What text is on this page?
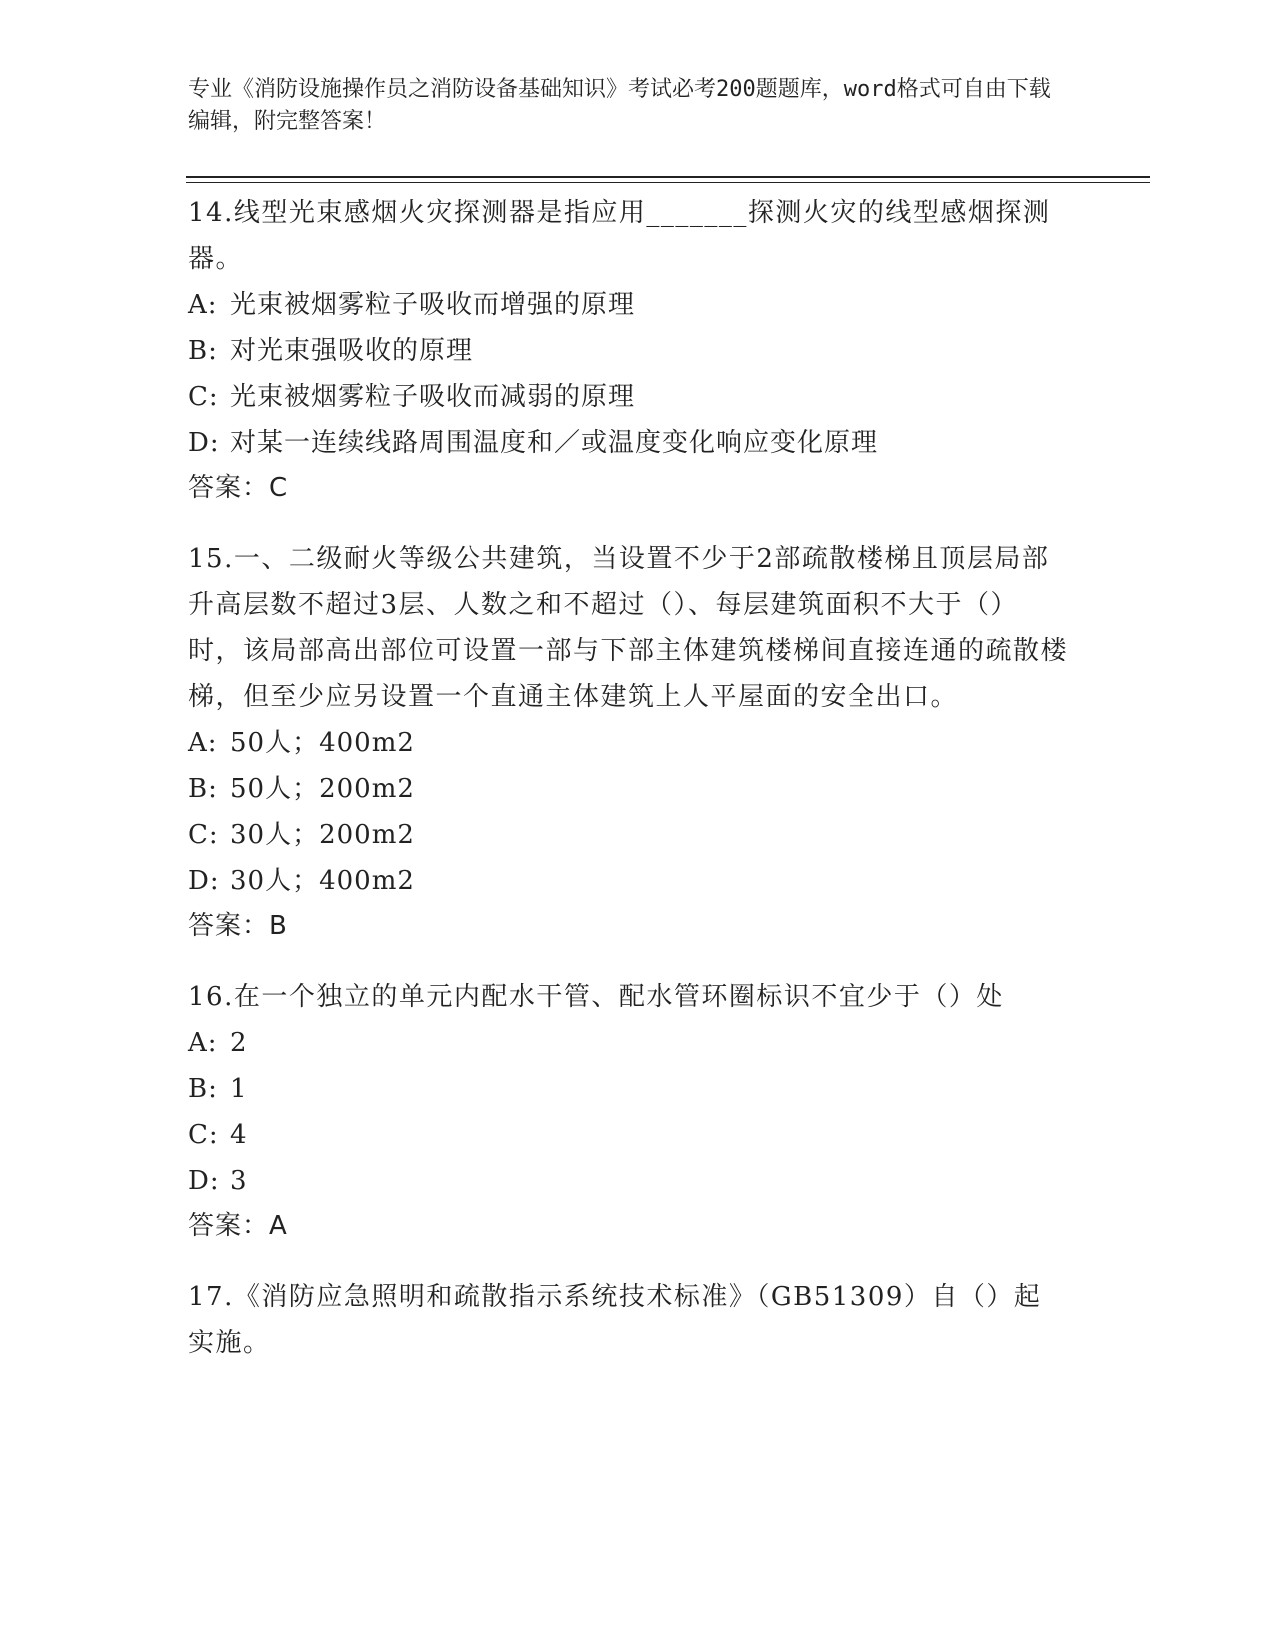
专业《消防设施操作员之消防设备基础知识》考试必考200题题库，word格式可自由下载编辑，附完整答案！
14.线型光束感烟火灾探测器是指应用_______探测火灾的线型感烟探测器。
A: 光束被烟雾粒子吸收而增强的原理
B: 对光束强吸收的原理
C: 光束被烟雾粒子吸收而减弱的原理
D: 对某一连续线路周围温度和／或温度变化响应变化原理
答案：C
15.一、二级耐火等级公共建筑，当设置不少于2部疏散楼梯且顶层局部升高层数不超过3层、人数之和不超过（）、每层建筑面积不大于（）时，该局部高出部位可设置一部与下部主体建筑楼梯间直接连通的疏散楼梯，但至少应另设置一个直通主体建筑上人平屋面的安全出口。
A: 50人；400m2
B: 50人；200m2
C: 30人；200m2
D: 30人；400m2
答案：B
16.在一个独立的单元内配水干管、配水管环圈标识不宜少于（）处
A: 2
B: 1
C: 4
D: 3
答案：A
17.《消防应急照明和疏散指示系统技术标准》（GB51309）自（）起实施。
